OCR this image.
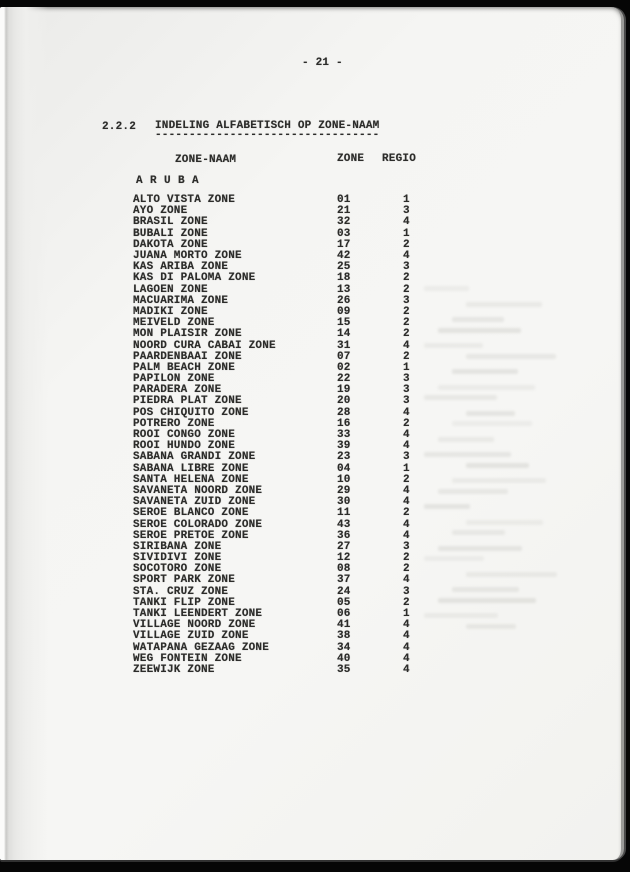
- 21 -
2.2.2 INDELING ALFABETISCH OP ZONE-NAAM
---------------------------------
ZONE-NAAM	ZONE REGIO
A R U B A
ALTO VISTA ZONE	01	1
AYO ZONE	21	3
BRASIL ZONE	32	4
BUBALI ZONE	03	1
DAKOTA ZONE	17	2
JUANA MORTO ZONE	42	4
KAS ARIBA ZONE	25	3
KAS DI PALOMA ZONE	18	2
LAGOEN ZONE	13	2
MACUARIMA ZONE	26	3
MADIKI ZONE	09	2
MEIVELD ZONE	15	2
MON PLAISIR ZONE	14	2
NOORD CURA CABAI ZONE	31	4
PAARDENBAAI ZONE	07	2
PALM BEACH ZONE	02	1
PAPILON ZONE	22	3
PARADERA ZONE	19	3
PIEDRA PLAT ZONE	20	3
POS CHIQUITO ZONE	28	4
POTRERO ZONE	16	2
ROOI CONGO ZONE	33	4
ROOI HUNDO ZONE	39	4
SABANA GRANDI ZONE	23	3
SABANA LIBRE ZONE	04	1
SANTA HELENA ZONE	10	2
SAVANETA NOORD ZONE	29	4
SAVANETA ZUID ZONE	30	4
SEROE BLANCO ZONE	11	2
SEROE COLORADO ZONE	43	4
SEROE PRETOE ZONE	36	4
SIRIBANA ZONE	27	3
SIVIDIVI ZONE	12	2
SOCOTORO ZONE	08	2
SPORT PARK ZONE	37	4
STA. CRUZ ZONE	24	3
TANKI FLIP ZONE	05	2
TANKI LEENDERT ZONE	06	1
VILLAGE NOORD ZONE	41	4
VILLAGE ZUID ZONE	38	4
WATAPANA GEZAAG ZONE	34	4
WEG FONTEIN ZONE	40	4
ZEEWIJK ZONE	35	4
